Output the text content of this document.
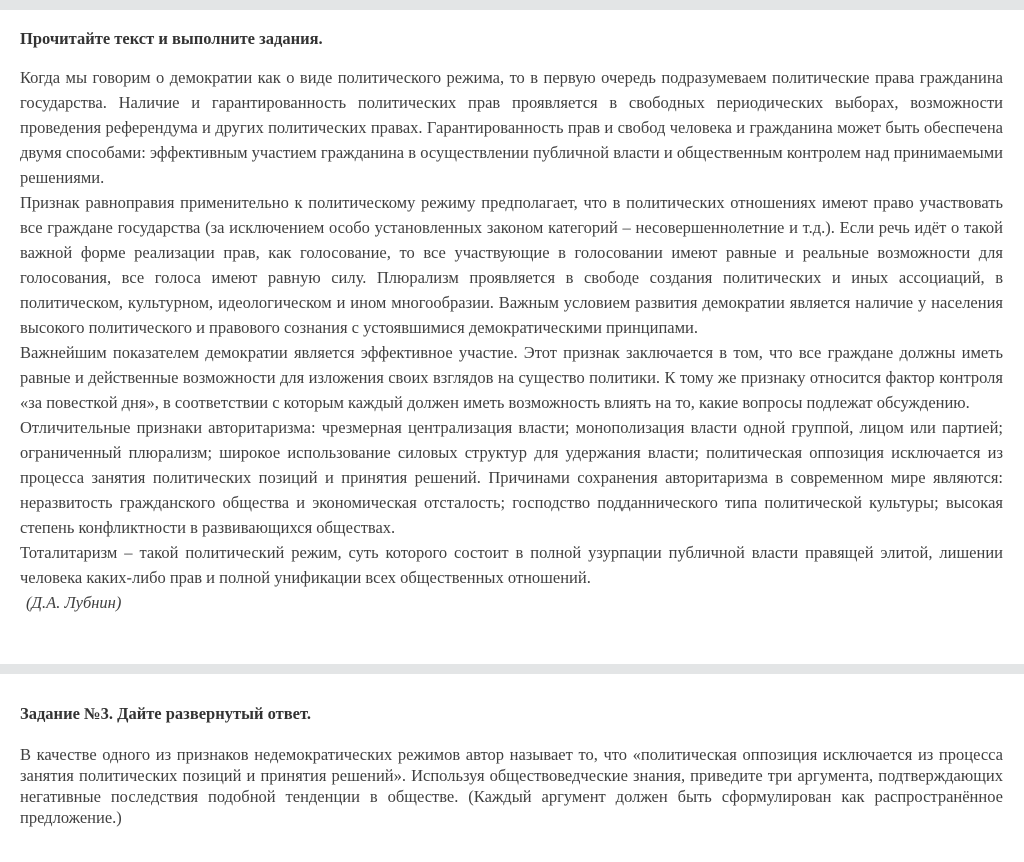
Прочитайте текст и выполните задания.

Когда мы говорим о демократии как о виде политического режима, то в первую очередь подразумеваем политические права гражданина государства. Наличие и гарантированность политических прав проявляется в свободных периодических выборах, возможности проведения референдума и других политических правах. Гарантированность прав и свобод человека и гражданина может быть обеспечена двумя способами: эффективным участием гражданина в осуществлении публичной власти и общественным контролем над принимаемыми решениями.

Признак равноправия применительно к политическому режиму предполагает, что в политических отношениях имеют право участвовать все граждане государства (за исключением особо установленных законом категорий – несовершеннолетние и т.д.). Если речь идёт о такой важной форме реализации прав, как голосование, то все участвующие в голосовании имеют равные и реальные возможности для голосования, все голоса имеют равную силу. Плюрализм проявляется в свободе создания политических и иных ассоциаций, в политическом, культурном, идеологическом и ином многообразии. Важным условием развития демократии является наличие у населения высокого политического и правового сознания с устоявшимися демократическими принципами.

Важнейшим показателем демократии является эффективное участие. Этот признак заключается в том, что все граждане должны иметь равные и действенные возможности для изложения своих взглядов на существо политики. К тому же признаку относится фактор контроля «за повесткой дня», в соответствии с которым каждый должен иметь возможность влиять на то, какие вопросы подлежат обсуждению.

Отличительные признаки авторитаризма: чрезмерная централизация власти; монополизация власти одной группой, лицом или партией; ограниченный плюрализм; широкое использование силовых структур для удержания власти; политическая оппозиция исключается из процесса занятия политических позиций и принятия решений. Причинами сохранения авторитаризма в современном мире являются: неразвитость гражданского общества и экономическая отсталость; господство подданнического типа политической культуры; высокая степень конфликтности в развивающихся обществах.

Тоталитаризм – такой политический режим, суть которого состоит в полной узурпации публичной власти правящей элитой, лишении человека каких-либо прав и полной унификации всех общественных отношений.

(Д.А. Лубнин)

Задание №3. Дайте развернутый ответ.

В качестве одного из признаков недемократических режимов автор называет то, что «политическая оппозиция исключается из процесса занятия политических позиций и принятия решений». Используя обществоведческие знания, приведите три аргумента, подтверждающих негативные последствия подобной тенденции в обществе. (Каждый аргумент должен быть сформулирован как распространённое предложение.)
